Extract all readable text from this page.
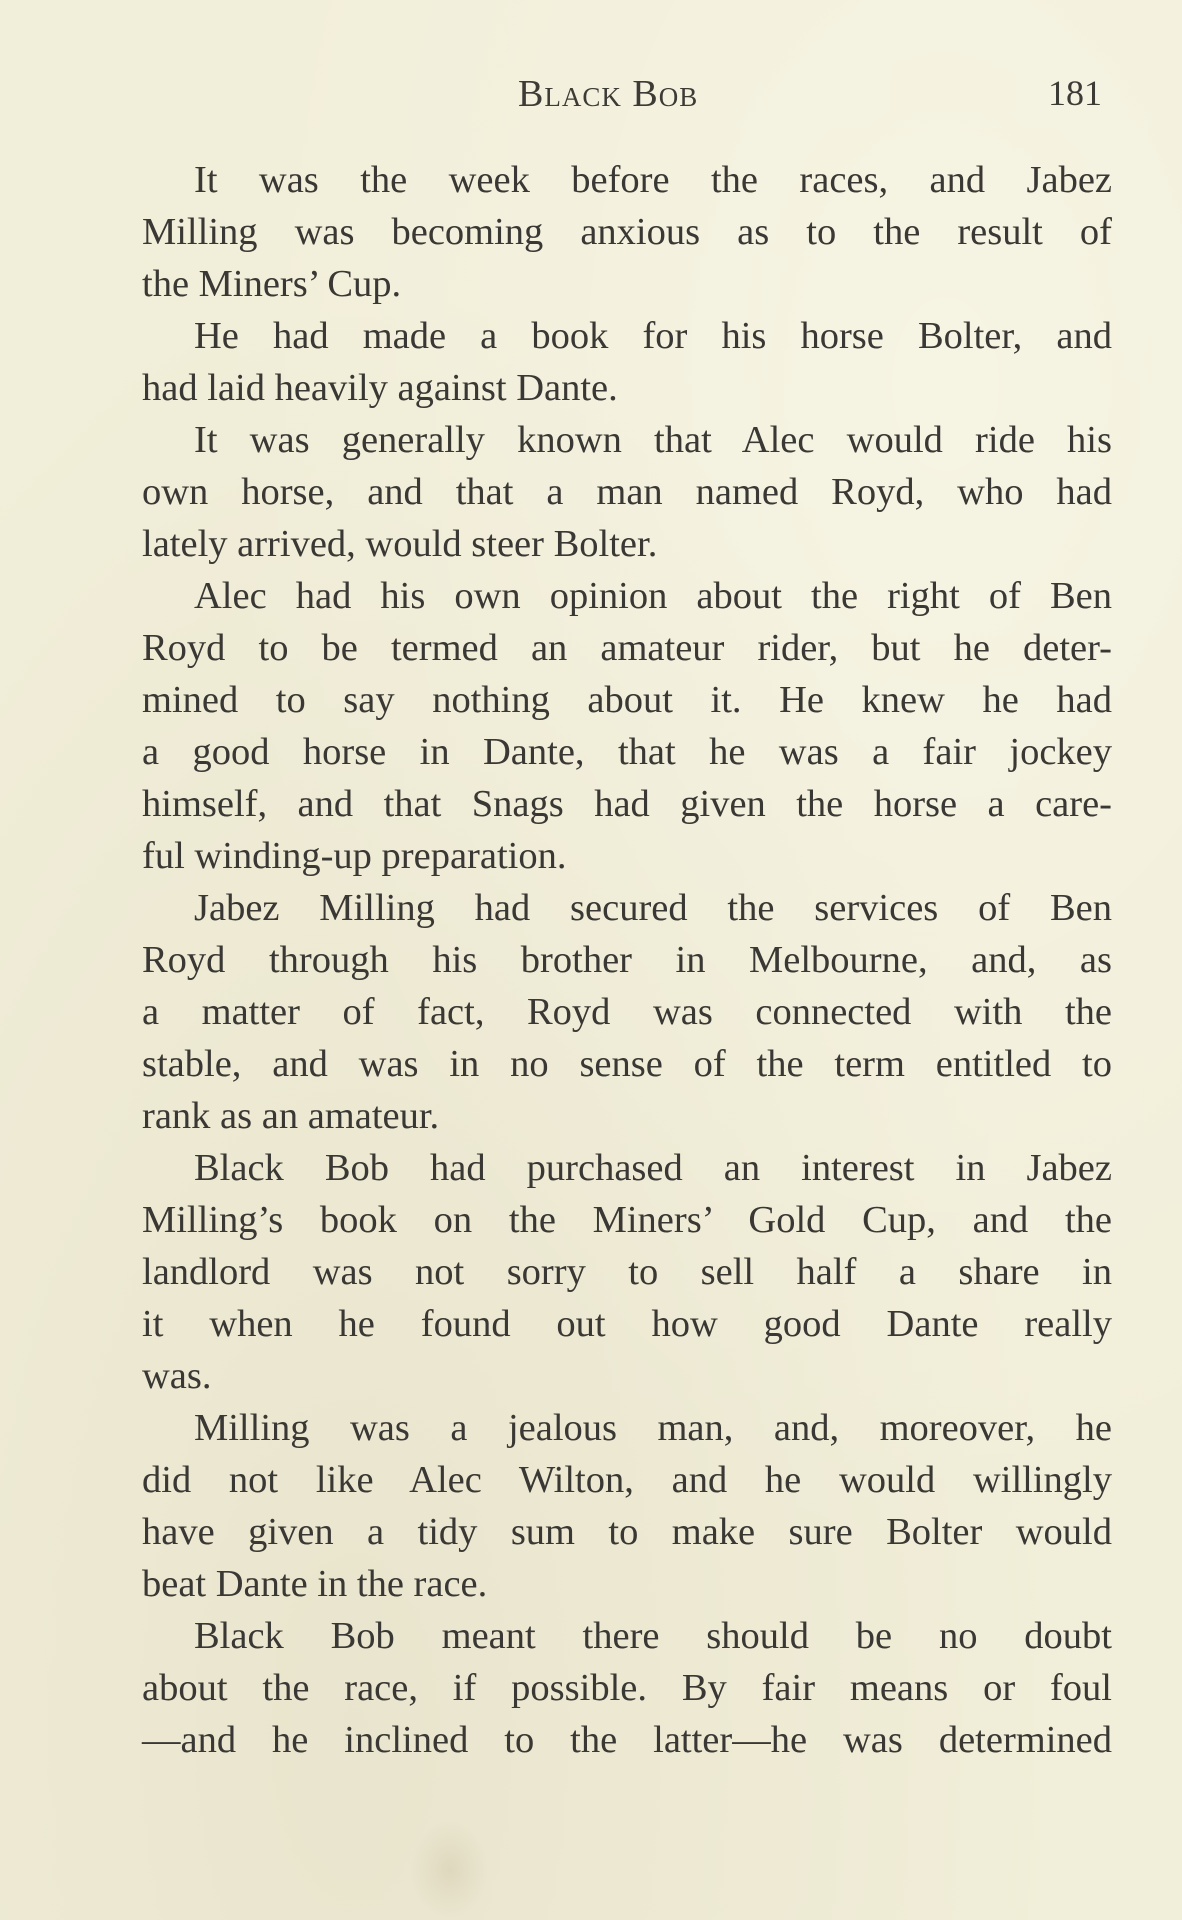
Black Bob	181
It was the week before the races, and Jabez
Milling was becoming anxious as to the result of
the Miners’ Cup.
He had made a book for his horse Bolter, and
had laid heavily against Dante.
It was generally known that Alec would ride his
own horse, and that a man named Royd, who had
lately arrived, would steer Bolter.
Alec had his own opinion about the right of Ben
Royd to be termed an amateur rider, but he deter-
mined to say nothing about it. He knew he had
a good horse in Dante, that he was a fair jockey
himself, and that Snags had given the horse a care-
ful winding-up preparation.
Jabez Milling had secured the services of Ben
Royd through his brother in Melbourne, and, as
a matter of fact, Royd was connected with the
stable, and was in no sense of the term entitled to
rank as an amateur.
Black Bob had purchased an interest in Jabez
Milling’s book on the Miners’ Gold Cup, and the
landlord was not sorry to sell half a share in
it when he found out how good Dante really
was.
Milling was a jealous man, and, moreover, he
did not like Alec Wilton, and he would willingly
have given a tidy sum to make sure Bolter would
beat Dante in the race.
Black Bob meant there should be no doubt
about the race, if possible. By fair means or foul
—and he inclined to the latter—he was determined
